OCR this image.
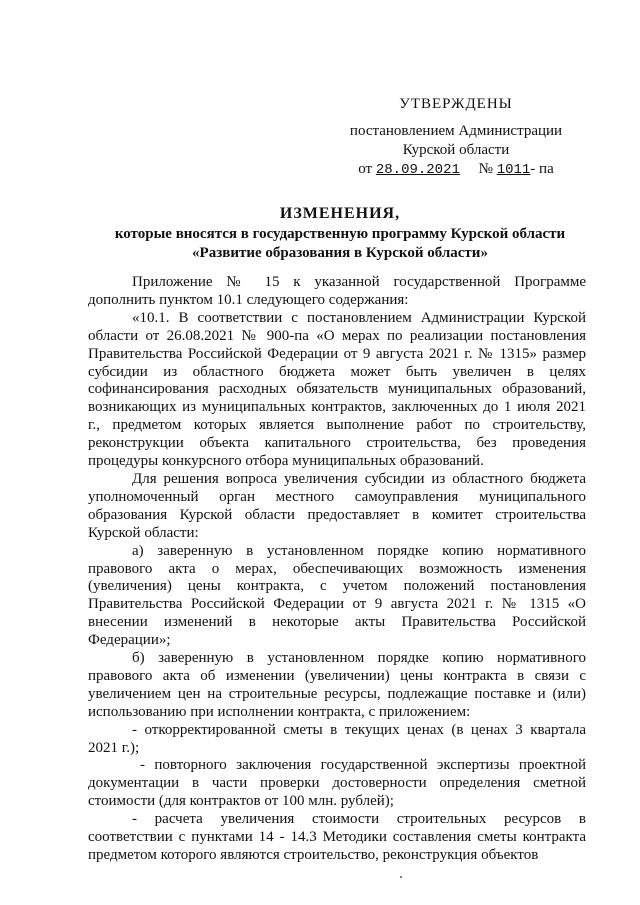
УТВЕРЖДЕНЫ
постановлением Администрации
Курской области
от 28.09.2021 № 1011- па
ИЗМЕНЕНИЯ,
которые вносятся в государственную программу Курской области
«Развитие образования в Курской области»

Приложение № 15 к указанной государственной Программе дополнить пунктом 10.1 следующего содержания:

«10.1. В соответствии с постановлением Администрации Курской области от 26.08.2021 № 900-па «О мерах по реализации постановления Правительства Российской Федерации от 9 августа 2021 г. № 1315» размер субсидии из областного бюджета может быть увеличен в целях софинансирования расходных обязательств муниципальных образований, возникающих из муниципальных контрактов, заключенных до 1 июля 2021 г., предметом которых является выполнение работ по строительству, реконструкции объекта капитального строительства, без проведения процедуры конкурсного отбора муниципальных образований.

Для решения вопроса увеличения субсидии из областного бюджета уполномоченный орган местного самоуправления муниципального образования Курской области предоставляет в комитет строительства Курской области:

а) заверенную в установленном порядке копию нормативного правового акта о мерах, обеспечивающих возможность изменения (увеличения) цены контракта, с учетом положений постановления Правительства Российской Федерации от 9 августа 2021 г. № 1315 «О внесении изменений в некоторые акты Правительства Российской Федерации»;

б) заверенную в установленном порядке копию нормативного правового акта об изменении (увеличении) цены контракта в связи с увеличением цен на строительные ресурсы, подлежащие поставке и (или) использованию при исполнении контракта, с приложением:

- откорректированной сметы в текущих ценах (в ценах 3 квартала 2021 г.);

- повторного заключения государственной экспертизы проектной документации в части проверки достоверности определения сметной стоимости (для контрактов от 100 млн. рублей);

- расчета увеличения стоимости строительных ресурсов в соответствии с пунктами 14 - 14.3 Методики составления сметы контракта предметом которого являются строительство, реконструкция объектов
